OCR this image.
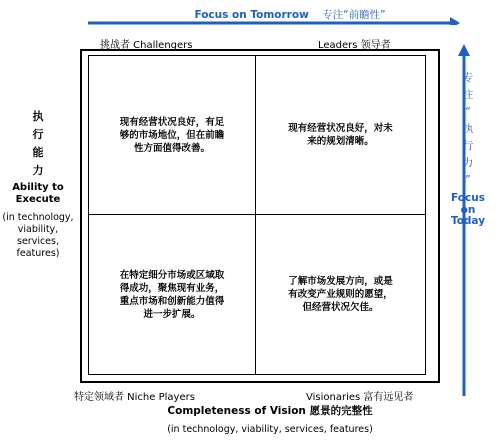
Focus on Tomorrow 专注“前瞻性”
专
注
“
执
行
力
”
Focus
on
Today
挑战者 Challengers	Leaders 领导者
特定领域者 Niche Players	Visionaries 富有远见者
现有经营状况良好，有足够的市场地位，但在前瞻性方面值得改善。
现有经营状况良好，对未来的规划清晰。
在特定细分市场或区域取得成功，聚焦现有业务，重点市场和创新能力值得进一步扩展。
了解市场发展方向，或是有改变产业规则的愿望，但经营状况欠佳。
执
行
能
力
Ability to
Execute
(in technology,
viability,
services,
features)
Completeness of Vision 愿景的完整性
(in technology, viability, services, features)
